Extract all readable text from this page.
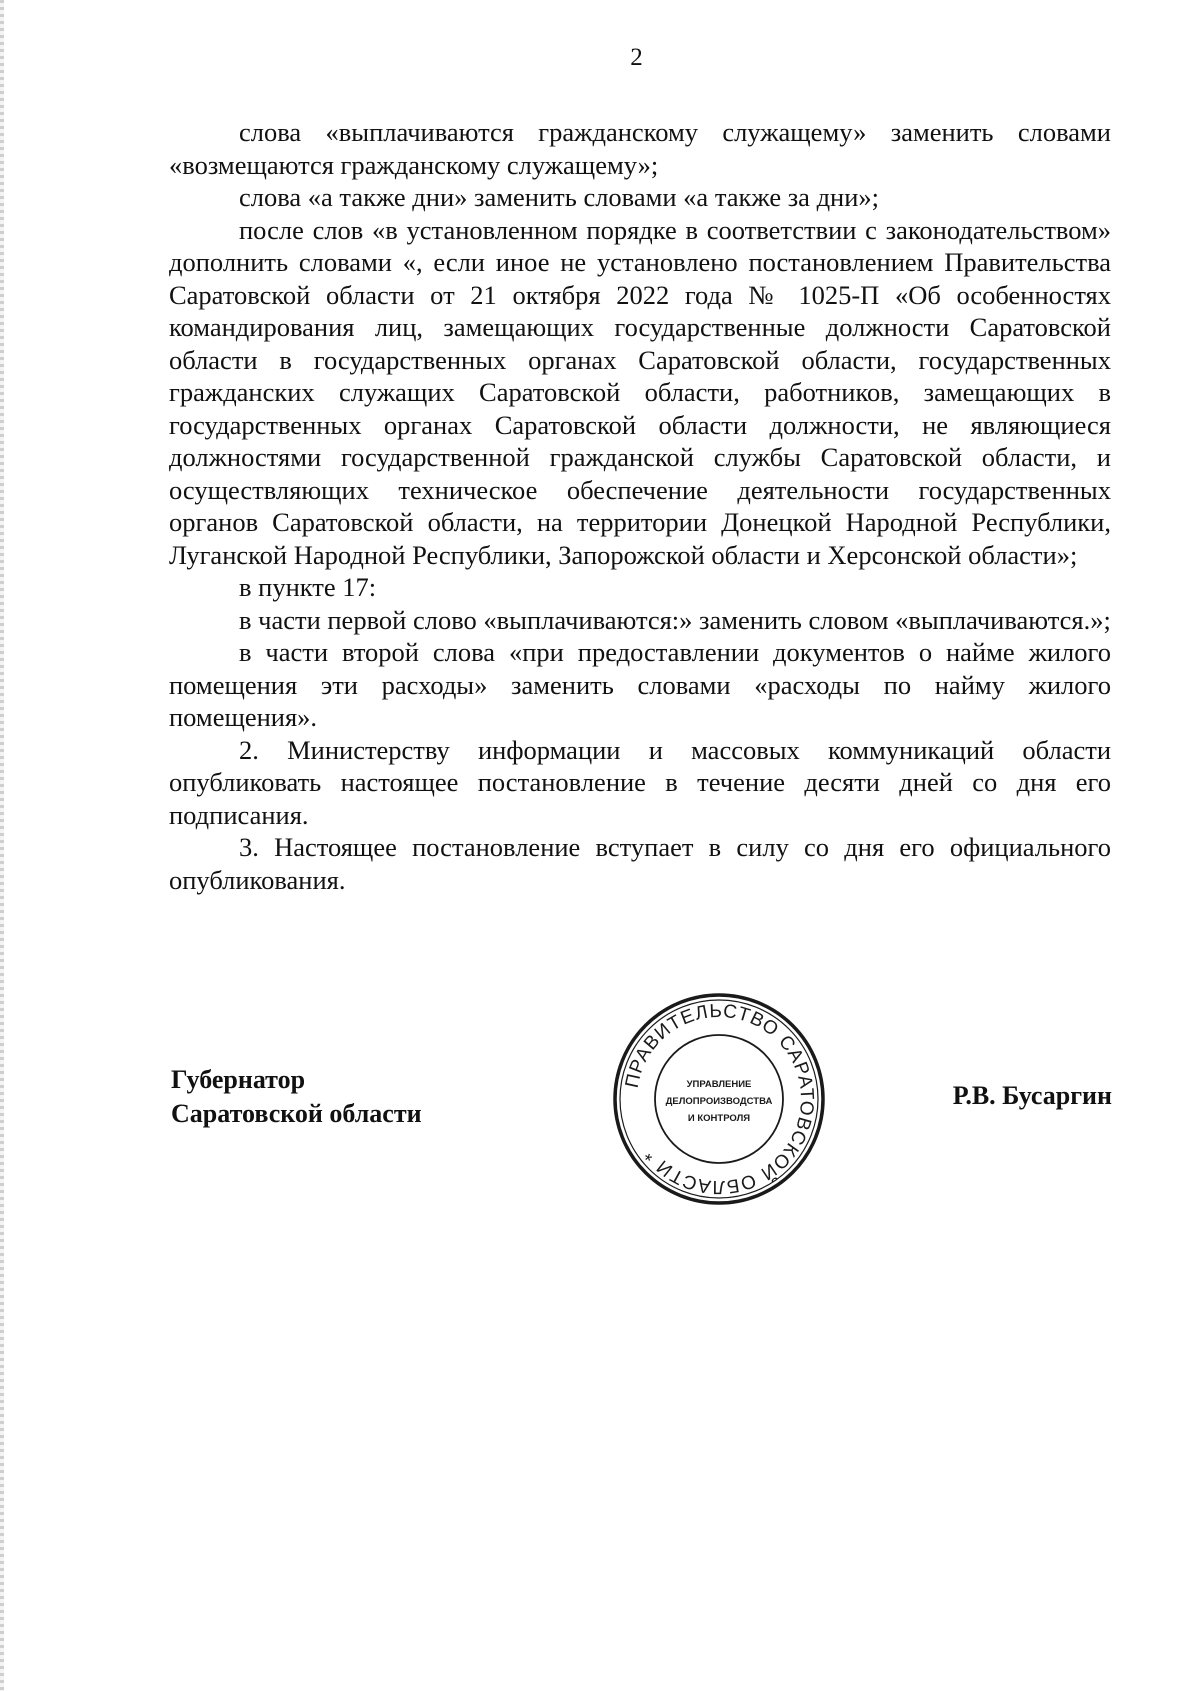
2

слова «выплачиваются гражданскому служащему» заменить словами «возмещаются гражданскому служащему»;

слова «а также дни» заменить словами «а также за дни»;

после слов «в установленном порядке в соответствии с законодательством» дополнить словами «, если иное не установлено постановлением Правительства Саратовской области от 21 октября 2022 года № 1025-П «Об особенностях командирования лиц, замещающих государственные должности Саратовской области в государственных органах Саратовской области, государственных гражданских служащих Саратовской области, работников, замещающих в государственных органах Саратовской области должности, не являющиеся должностями государственной гражданской службы Саратовской области, и осуществляющих техническое обеспечение деятельности государственных органов Саратовской области, на территории Донецкой Народной Республики, Луганской Народной Республики, Запорожской области и Херсонской области»;

в пункте 17:

в части первой слово «выплачиваются:» заменить словом «выплачиваются.»;

в части второй слова «при предоставлении документов о найме жилого помещения эти расходы» заменить словами «расходы по найму жилого помещения».

2. Министерству информации и массовых коммуникаций области опубликовать настоящее постановление в течение десяти дней со дня его подписания.

3. Настоящее постановление вступает в силу со дня его официального опубликования.

Губернатор
Саратовской области
Р.В. Бусаргин
ПРАВИТЕЛЬСТВО САРАТОВСКОЙ ОБЛАСТИ *
УПРАВЛЕНИЕ
ДЕЛОПРОИЗВОДСТВА
И КОНТРОЛЯ
